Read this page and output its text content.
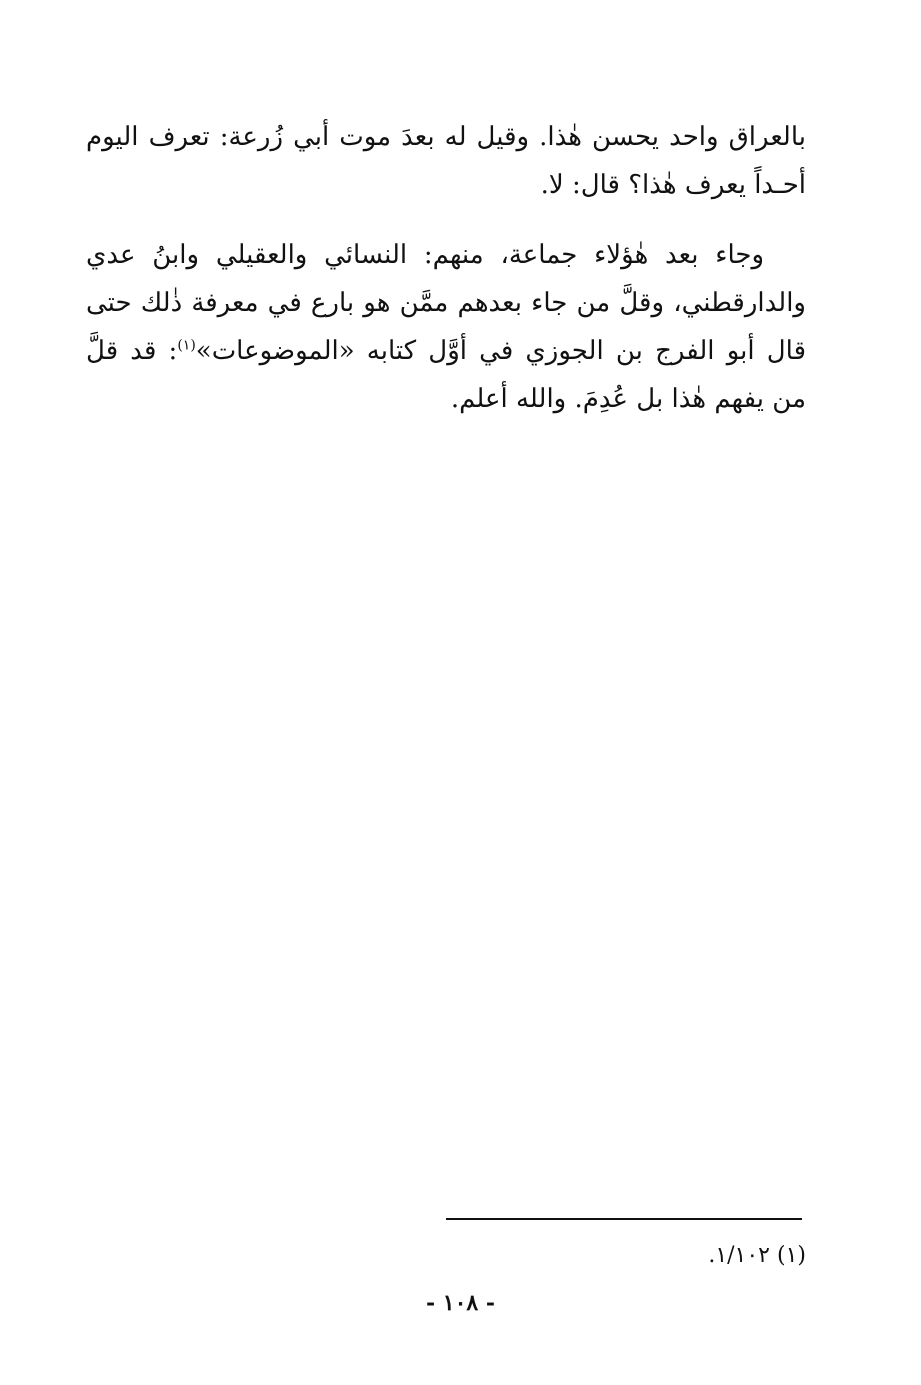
بالعراق واحد يحسن هٰذا. وقيل له بعدَ موت أبي زُرعة: تعرف اليوم أحـداً يعرف هٰذا؟ قال: لا.

وجاء بعد هٰؤلاء جماعة، منهم: النسائي والعقيلي وابنُ عدي والدارقطني، وقلَّ من جاء بعدهم ممَّن هو بارع في معرفة ذٰلك حتى قال أبو الفرج بن الجوزي في أوَّل كتابه «الموضوعات»$^{(١)}$: قد قلَّ من يفهم هٰذا بل عُدِمَ. والله أعلم.

(١) ١/١٠٢.
- ١٠٨ -
